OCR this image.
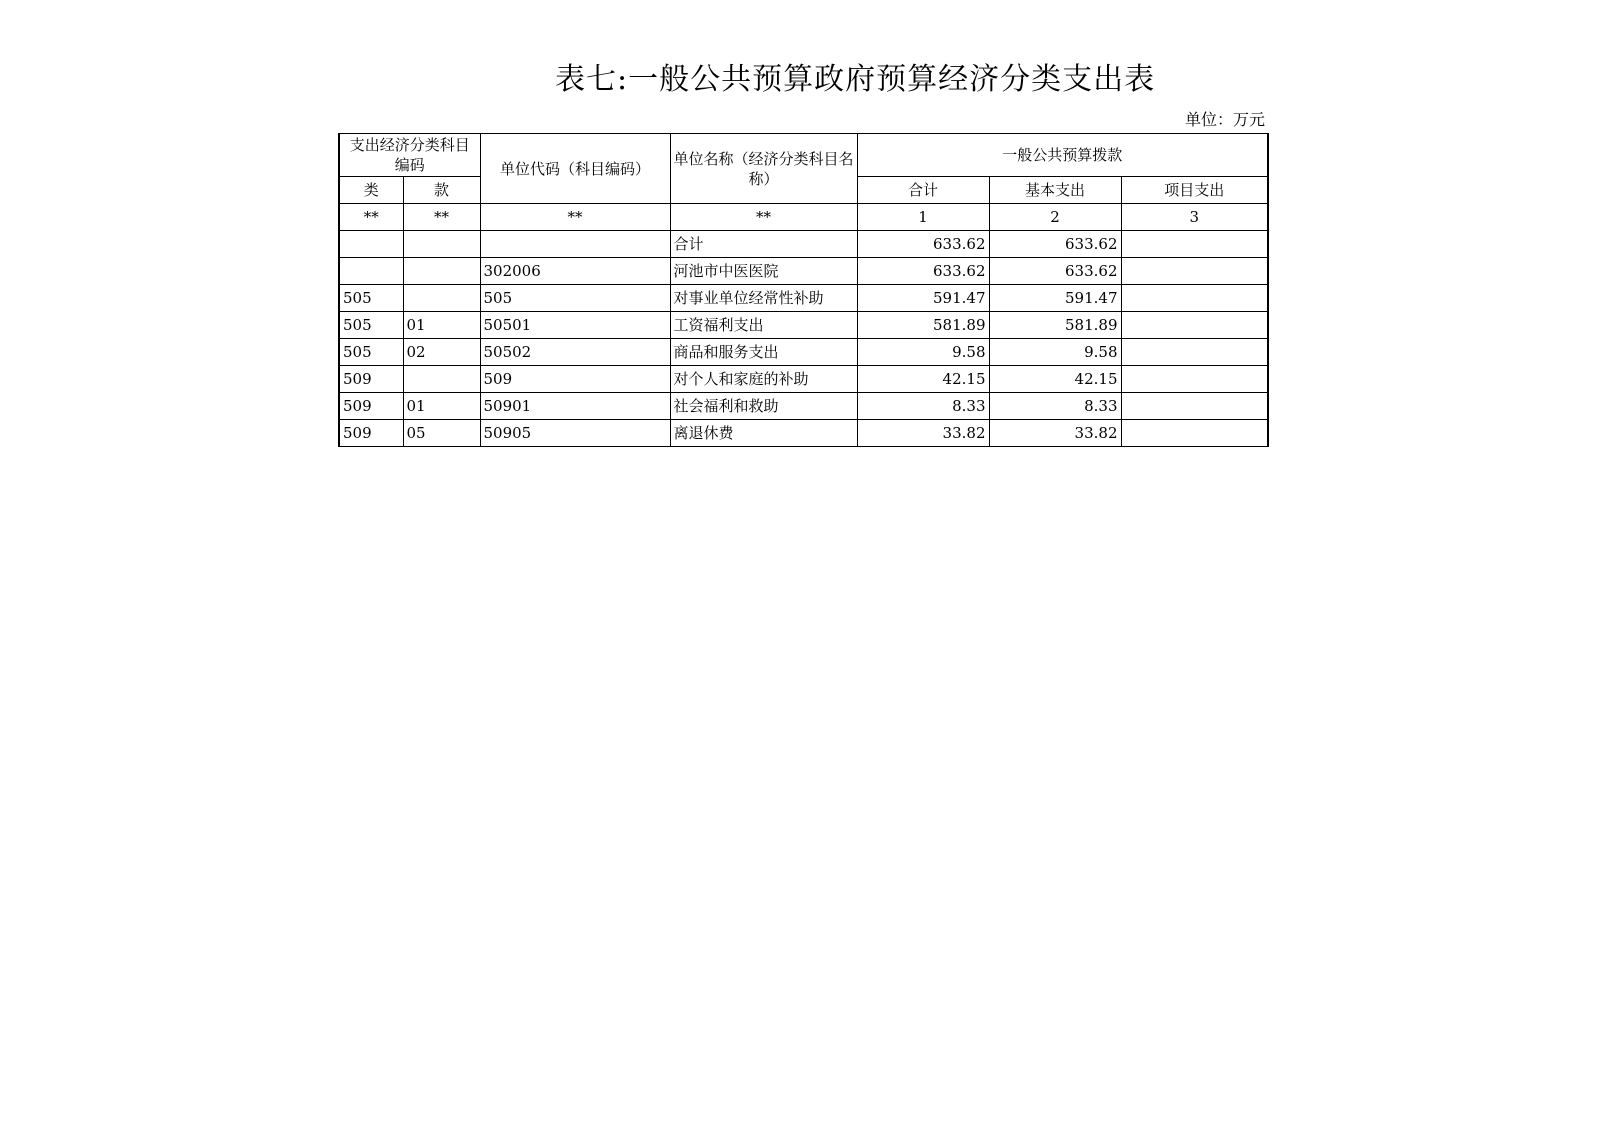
表七:一般公共预算政府预算经济分类支出表
单位：万元
支出经济分类科目编码		单位代码（科目编码）	单位名称（经济分类科目名称）	一般公共预算拨款		
类	款			合计	基本支出	项目支出
**	**	**	**	1	2	3
			合计	633.62	633.62	
		302006	河池市中医医院	633.62	633.62	
505		505	对事业单位经常性补助	591.47	591.47	
505	01	50501	工资福利支出	581.89	581.89	
505	02	50502	商品和服务支出	9.58	9.58	
509		509	对个人和家庭的补助	42.15	42.15	
509	01	50901	社会福利和救助	8.33	8.33	
509	05	50905	离退休费	33.82	33.82	
